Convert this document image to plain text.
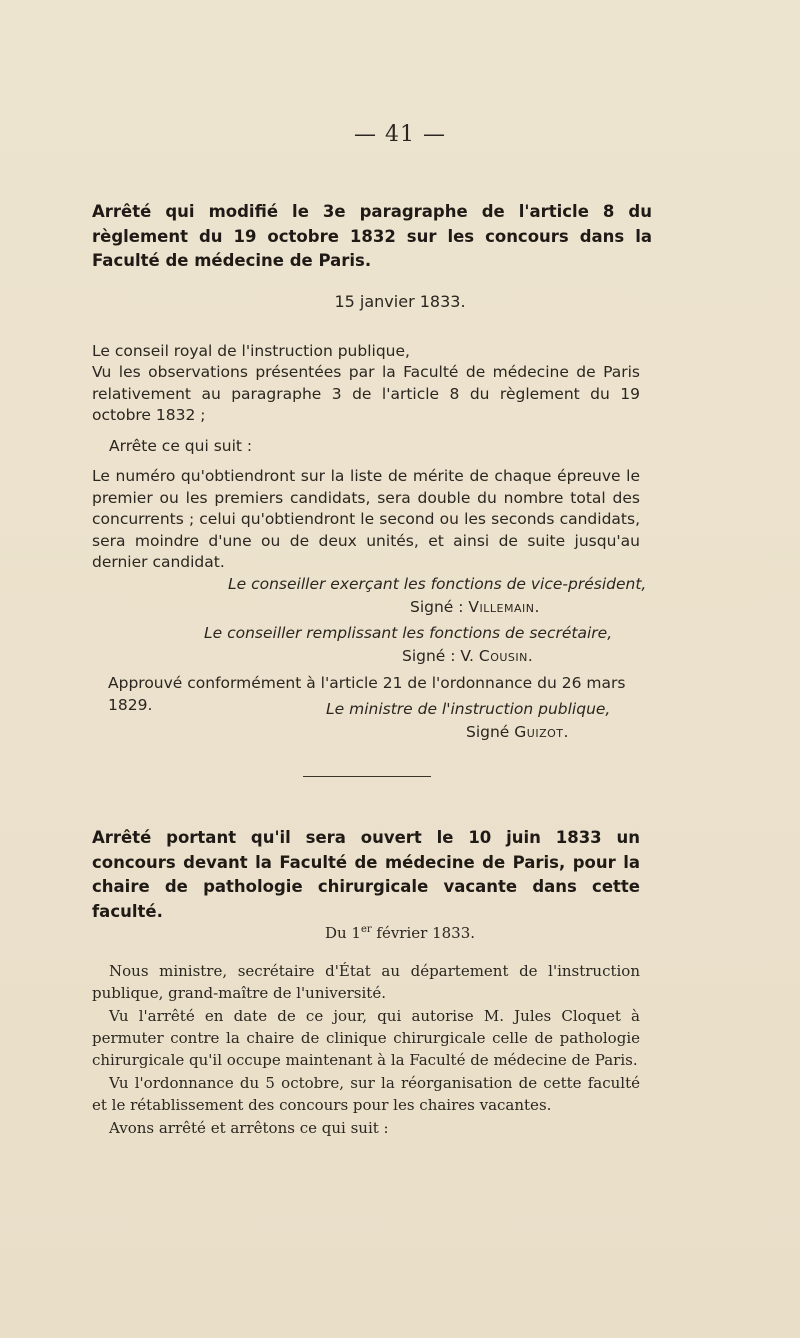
— 41 —
Arrêté qui modifié le 3e paragraphe de l'article 8 du règlement du 19 octobre 1832 sur les concours dans la Faculté de médecine de Paris.
15 janvier 1833.
Le conseil royal de l'instruction publique,
Vu les observations présentées par la Faculté de médecine de Paris relativement au paragraphe 3 de l'article 8 du règlement du 19 octobre 1832 ;
Arrête ce qui suit :
Le numéro qu'obtiendront sur la liste de mérite de chaque épreuve le premier ou les premiers candidats, sera double du nombre total des concurrents ; celui qu'obtiendront le second ou les seconds candidats, sera moindre d'une ou de deux unités, et ainsi de suite jusqu'au dernier candidat.
Le conseiller exerçant les fonctions de vice-président,
Signé : Villemain.
Le conseiller remplissant les fonctions de secrétaire,
Signé : V. Cousin.
Approuvé conformément à l'article 21 de l'ordonnance du 26 mars 1829.	Le ministre de l'instruction publique,
Signé Guizot.
Arrêté portant qu'il sera ouvert le 10 juin 1833 un concours devant la Faculté de médecine de Paris, pour la chaire de pathologie chirurgicale vacante dans cette faculté.
Du 1er février 1833.
Nous ministre, secrétaire d'État au département de l'instruction publique, grand-maître de l'université.
Vu l'arrêté en date de ce jour, qui autorise M. Jules Cloquet à permuter contre la chaire de clinique chirurgicale celle de pathologie chirurgicale qu'il occupe maintenant à la Faculté de médecine de Paris.
Vu l'ordonnance du 5 octobre, sur la réorganisation de cette faculté et le rétablissement des concours pour les chaires vacantes.
Avons arrêté et arrêtons ce qui suit :
